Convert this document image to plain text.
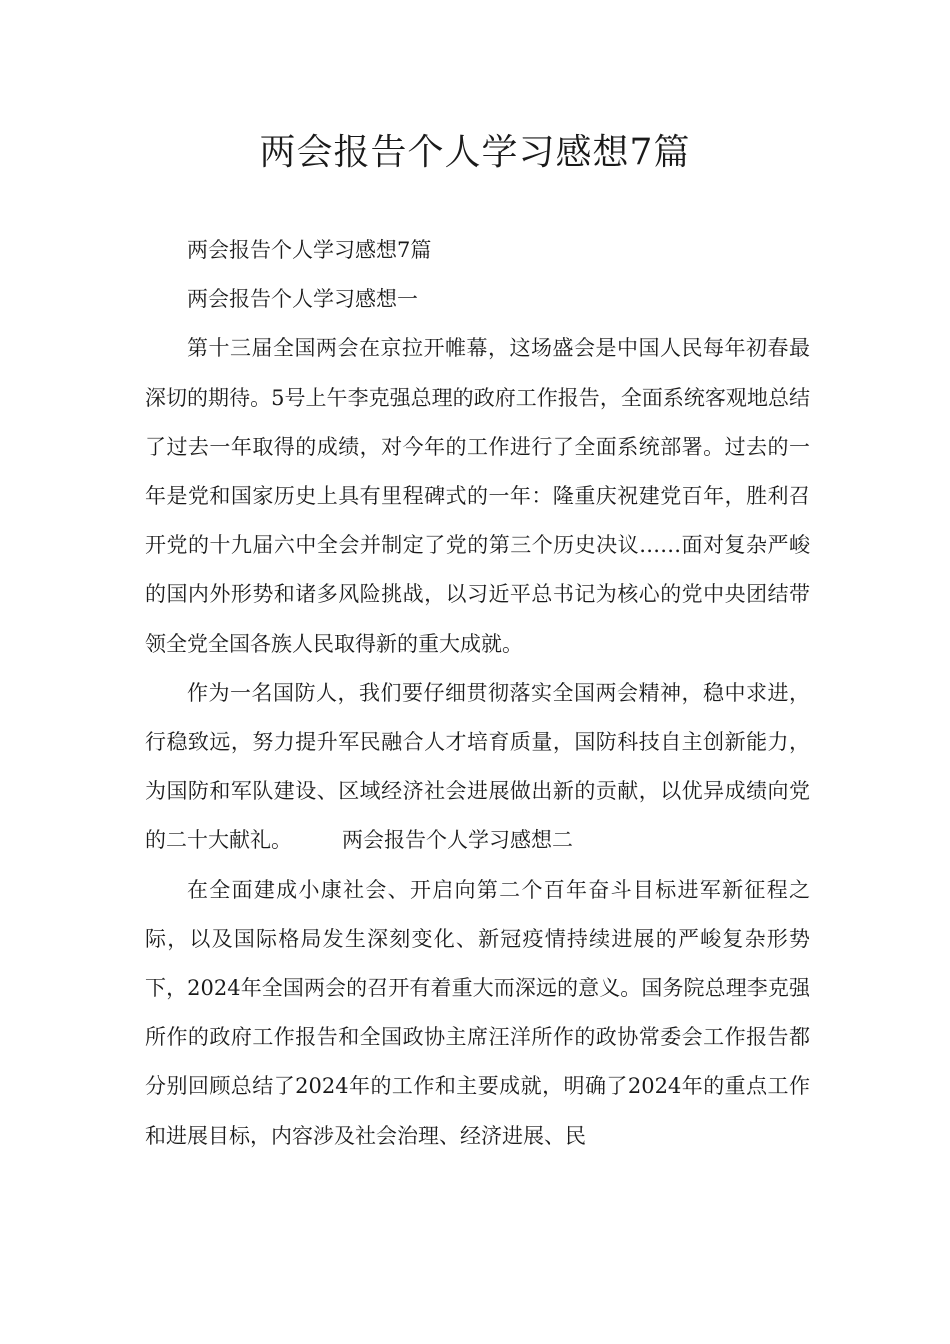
两会报告个人学习感想7篇

两会报告个人学习感想7篇

两会报告个人学习感想一

第十三届全国两会在京拉开帷幕，这场盛会是中国人民每年初春最深切的期待。5号上午李克强总理的政府工作报告，全面系统客观地总结了过去一年取得的成绩，对今年的工作进行了全面系统部署。过去的一年是党和国家历史上具有里程碑式的一年：隆重庆祝建党百年，胜利召开党的十九届六中全会并制定了党的第三个历史决议……面对复杂严峻的国内外形势和诸多风险挑战，以习近平总书记为核心的党中央团结带领全党全国各族人民取得新的重大成就。

作为一名国防人，我们要仔细贯彻落实全国两会精神，稳中求进，行稳致远，努力提升军民融合人才培育质量，国防科技自主创新能力，为国防和军队建设、区域经济社会进展做出新的贡献，以优异成绩向党的二十大献礼。 两会报告个人学习感想二

在全面建成小康社会、开启向第二个百年奋斗目标进军新征程之际，以及国际格局发生深刻变化、新冠疫情持续进展的严峻复杂形势下，2024年全国两会的召开有着重大而深远的意义。国务院总理李克强所作的政府工作报告和全国政协主席汪洋所作的政协常委会工作报告都分别回顾总结了2024年的工作和主要成就，明确了2024年的重点工作和进展目标，内容涉及社会治理、经济进展、民
